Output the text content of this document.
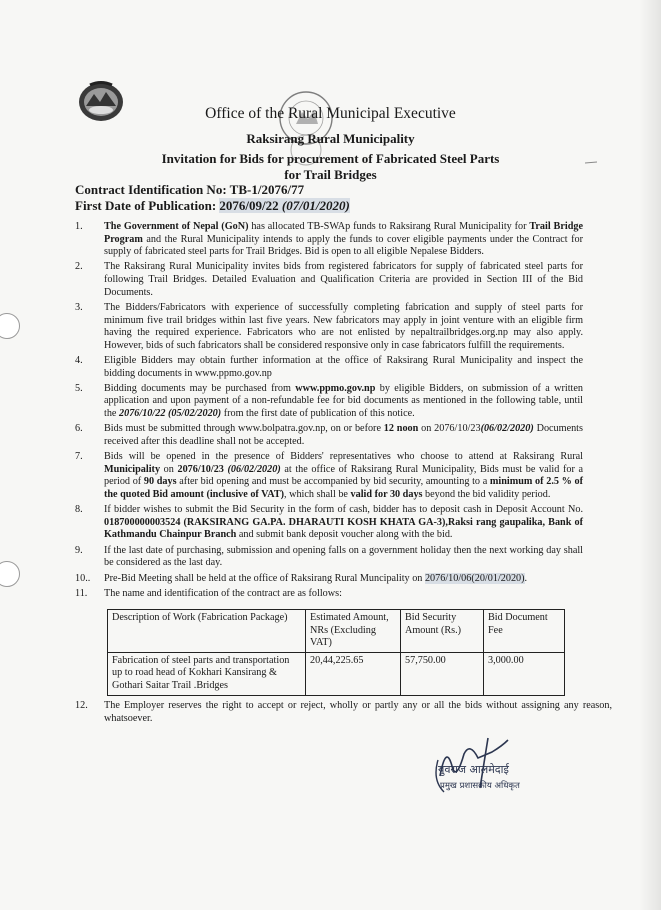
Office of the Rural Municipal Executive
Raksirang Rural Municipality
Invitation for Bids for procurement of Fabricated Steel Parts
for Trail Bridges
Contract Identification No: TB-1/2076/77
First Date of Publication: 2076/09/22 (07/01/2020)
1. The Government of Nepal (GoN) has allocated TB-SWAp funds to Raksirang Rural Municipality for Trail Bridge Program and the Rural Municipality intends to apply the funds to cover eligible payments under the Contract for supply of fabricated steel parts for Trail Bridges. Bid is open to all eligible Nepalese Bidders.
2. The Raksirang Rural Municipality invites bids from registered fabricators for supply of fabricated steel parts for following Trail Bridges. Detailed Evaluation and Qualification Criteria are provided in Section III of the Bid Documents.
3. The Bidders/Fabricators with experience of successfully completing fabrication and supply of steel parts for minimum five trail bridges within last five years. New fabricators may apply in joint venture with an eligible firm having the required experience. Fabricators who are not enlisted by nepaltrailbridges.org.np may also apply. However, bids of such fabricators shall be considered responsive only in case fabricators fulfill the requirements.
4. Eligible Bidders may obtain further information at the office of Raksirang Rural Municipality and inspect the bidding documents in www.ppmo.gov.np
5. Bidding documents may be purchased from www.ppmo.gov.np by eligible Bidders, on submission of a written application and upon payment of a non-refundable fee for bid documents as mentioned in the following table, until the 2076/10/22 (05/02/2020) from the first date of publication of this notice.
6. Bids must be submitted through www.bolpatra.gov.np, on or before 12 noon on 2076/10/23(06/02/2020) Documents received after this deadline shall not be accepted.
7. Bids will be opened in the presence of Bidders' representatives who choose to attend at Raksirang Rural Municipality on 2076/10/23 (06/02/2020) at the office of Raksirang Rural Municipality, Bids must be valid for a period of 90 days after bid opening and must be accompanied by bid security, amounting to a minimum of 2.5 % of the quoted Bid amount (inclusive of VAT), which shall be valid for 30 days beyond the bid validity period.
8. If bidder wishes to submit the Bid Security in the form of cash, bidder has to deposit cash in Deposit Account No. 018700000003524 (RAKSIRANG GA.PA. DHARAUTI KOSH KHATA GA-3),Raksi rang gaupalika, Bank of Kathmandu Chainpur Branch and submit bank deposit voucher along with the bid.
9. If the last date of purchasing, submission and opening falls on a government holiday then the next working day shall be considered as the last day.
10.. Pre-Bid Meeting shall be held at the office of Raksirang Rural Muncipality on 2076/10/06(20/01/2020).
11. The name and identification of the contract are as follows:
Description of Work (Fabrication Package)	Estimated Amount, NRs (Excluding VAT)	Bid Security Amount (Rs.)	Bid Document Fee
Fabrication of steel parts and transportation up to road head of Kokhari Kansirang & Gothari Saitar Trail .Bridges	20,44,225.65	57,750.00	3,000.00
12. The Employer reserves the right to accept or reject, wholly or partly any or all the bids without assigning any reason, whatsoever.
युवराज आलमेदाई
प्रमुख प्रशासकीय अधिकृत
